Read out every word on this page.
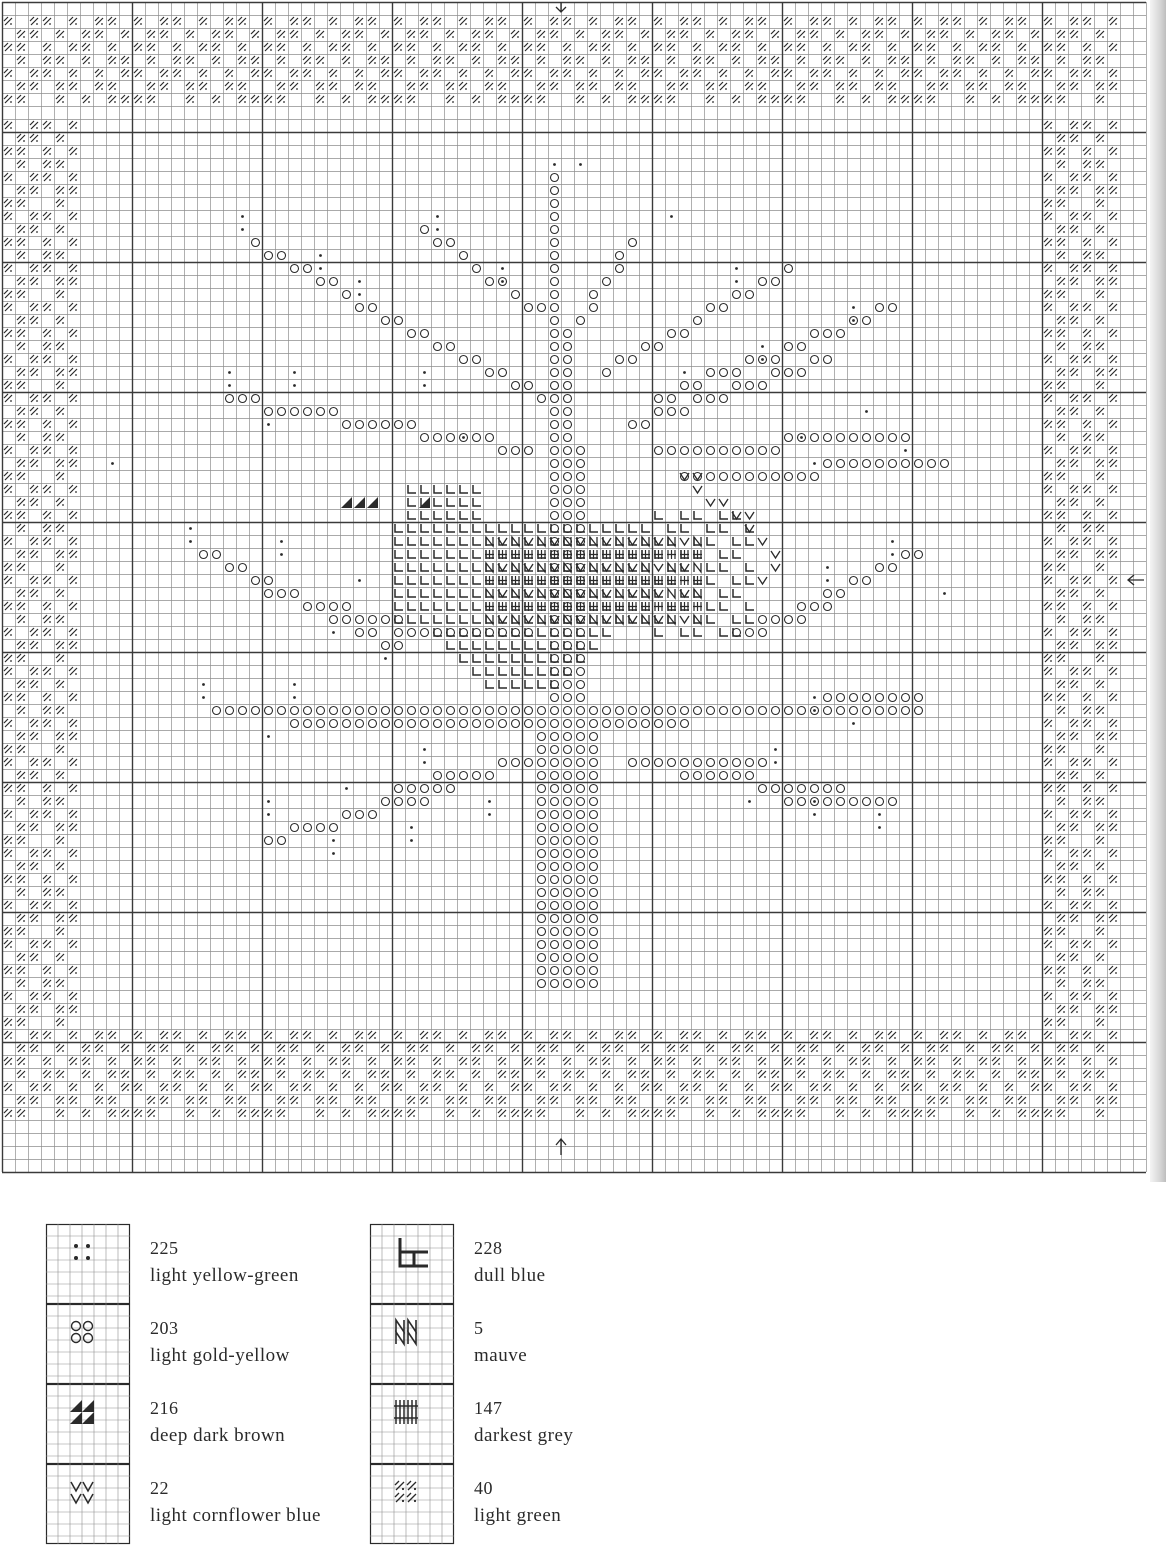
225
light yellow-green
203
light gold-yellow
216
deep dark brown
22
light cornflower blue
228
dull blue
5
mauve
147
darkest grey
40
light green
